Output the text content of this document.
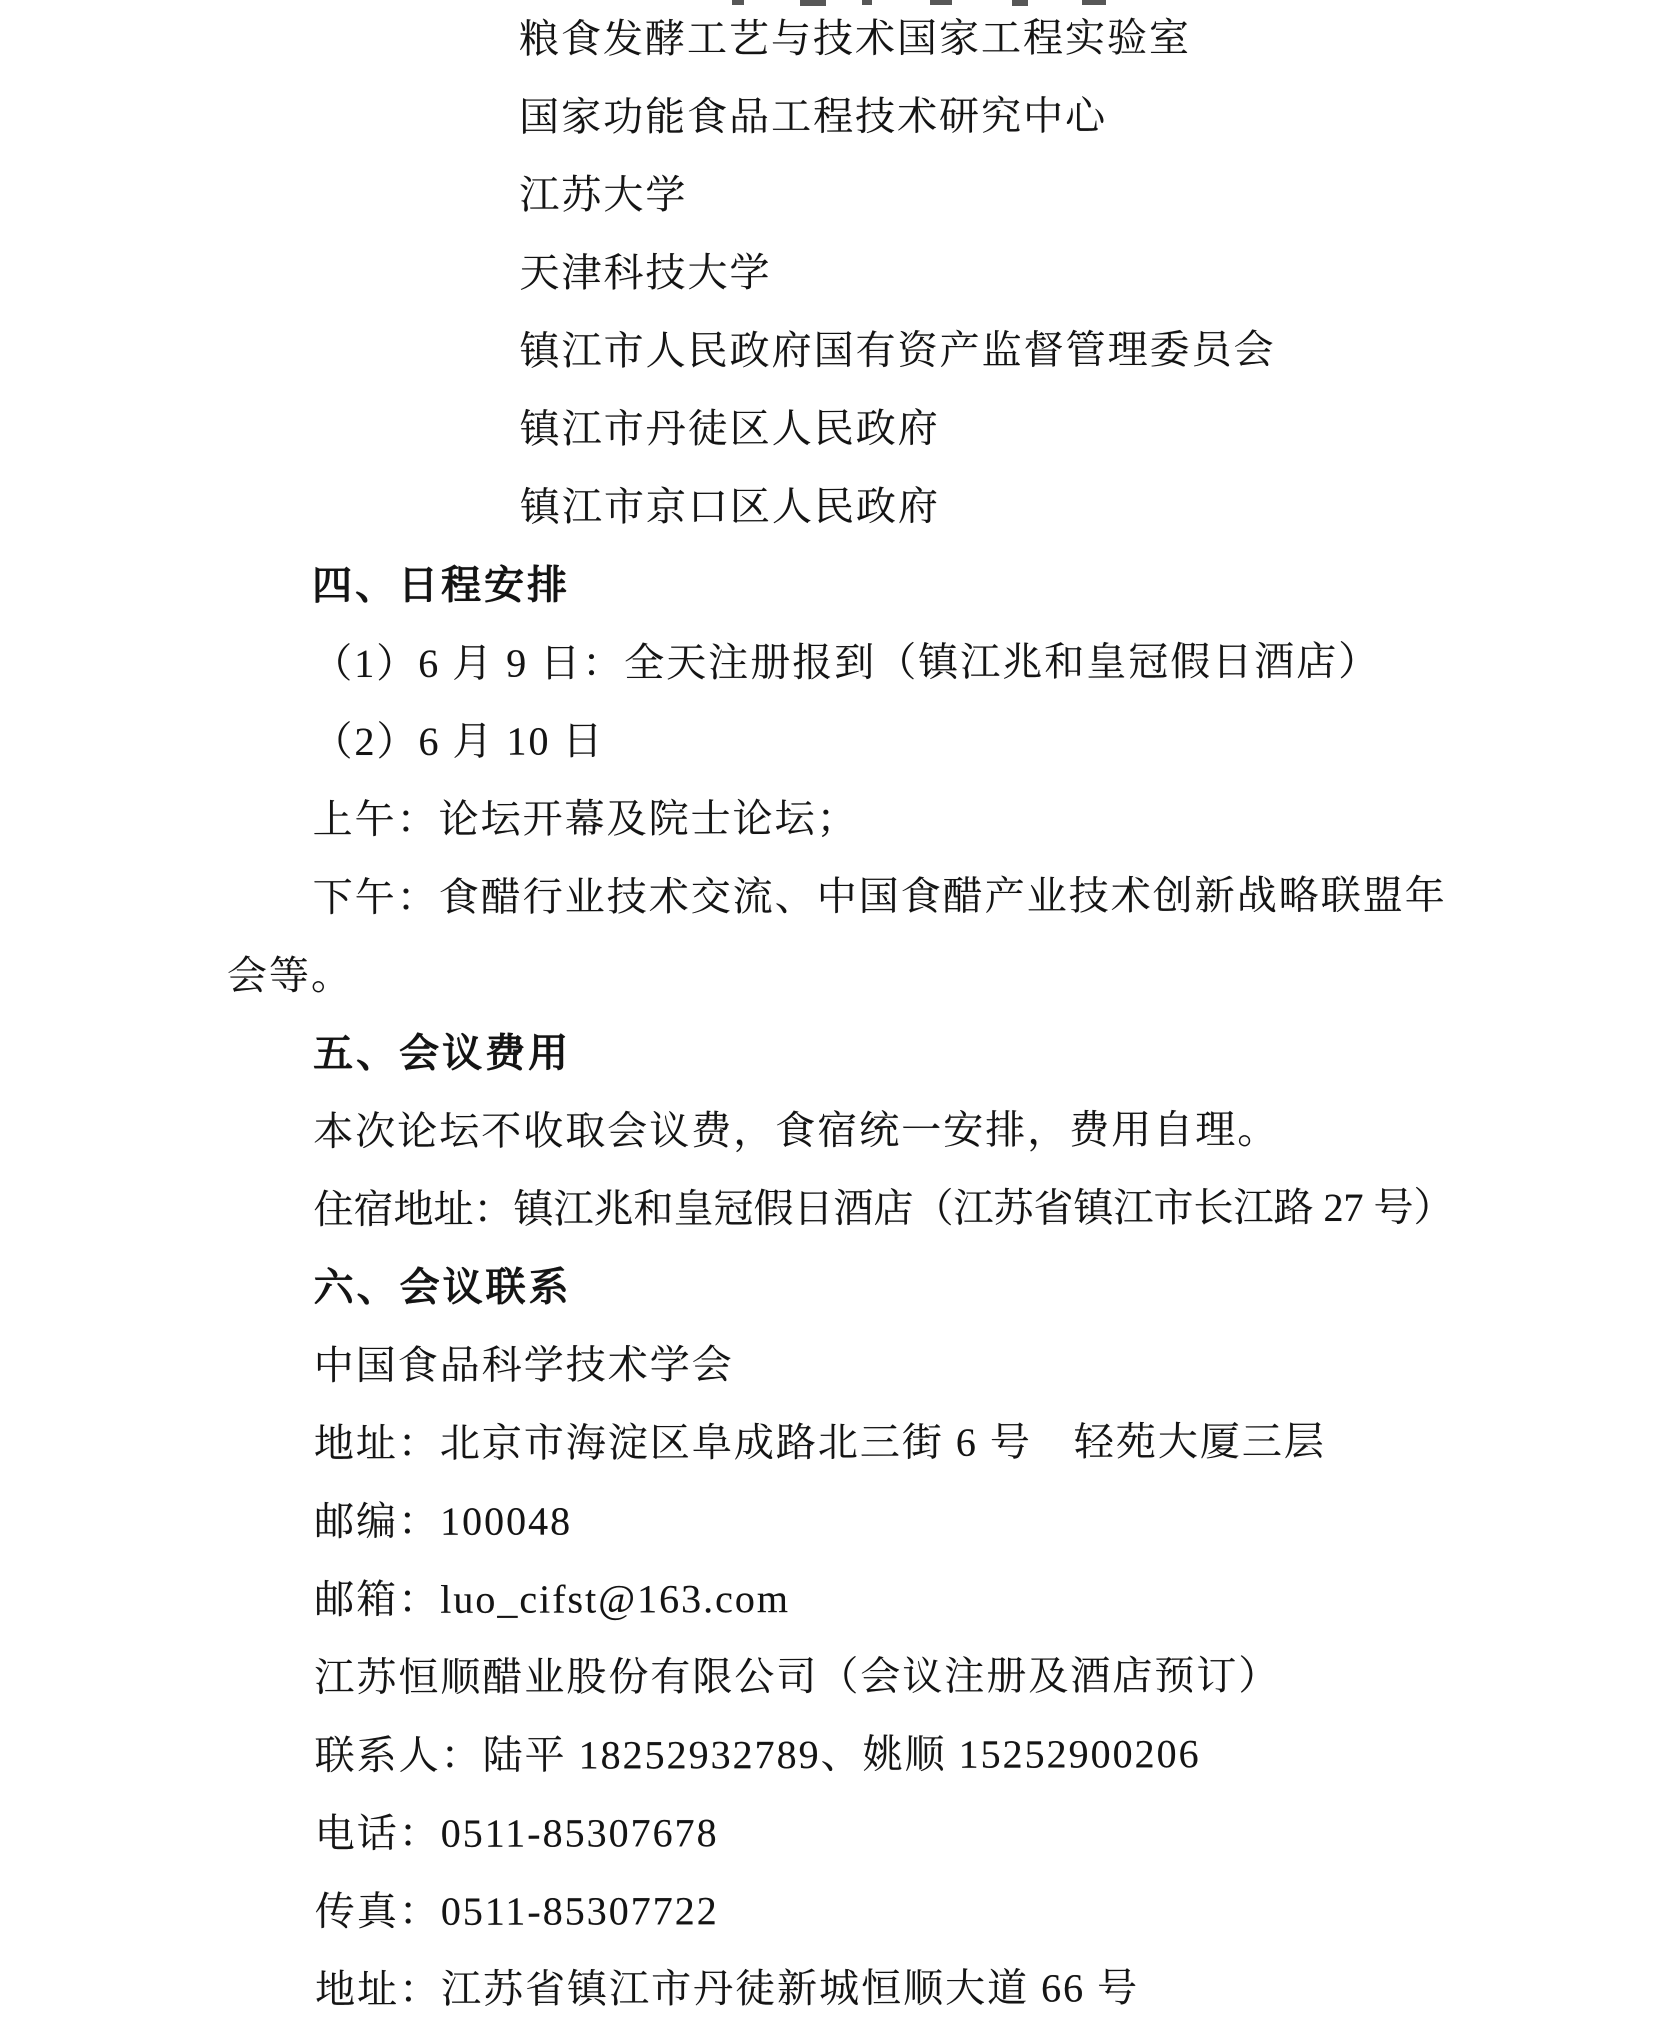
粮食发酵工艺与技术国家工程实验室
国家功能食品工程技术研究中心
江苏大学
天津科技大学
镇江市人民政府国有资产监督管理委员会
镇江市丹徒区人民政府
镇江市京口区人民政府
四、日程安排
（1）6 月 9 日：全天注册报到（镇江兆和皇冠假日酒店）
（2）6 月 10 日
上午：论坛开幕及院士论坛；
下午：食醋行业技术交流、中国食醋产业技术创新战略联盟年会等。
五、会议费用
本次论坛不收取会议费，食宿统一安排，费用自理。
住宿地址：镇江兆和皇冠假日酒店（江苏省镇江市长江路 27 号）
六、会议联系
中国食品科学技术学会
地址：北京市海淀区阜成路北三街 6 号　轻苑大厦三层
邮编：100048
邮箱：luo_cifst@163.com
江苏恒顺醋业股份有限公司（会议注册及酒店预订）
联系人：陆平 18252932789、姚顺 15252900206
电话：0511-85307678
传真：0511-85307722
地址：江苏省镇江市丹徒新城恒顺大道 66 号
